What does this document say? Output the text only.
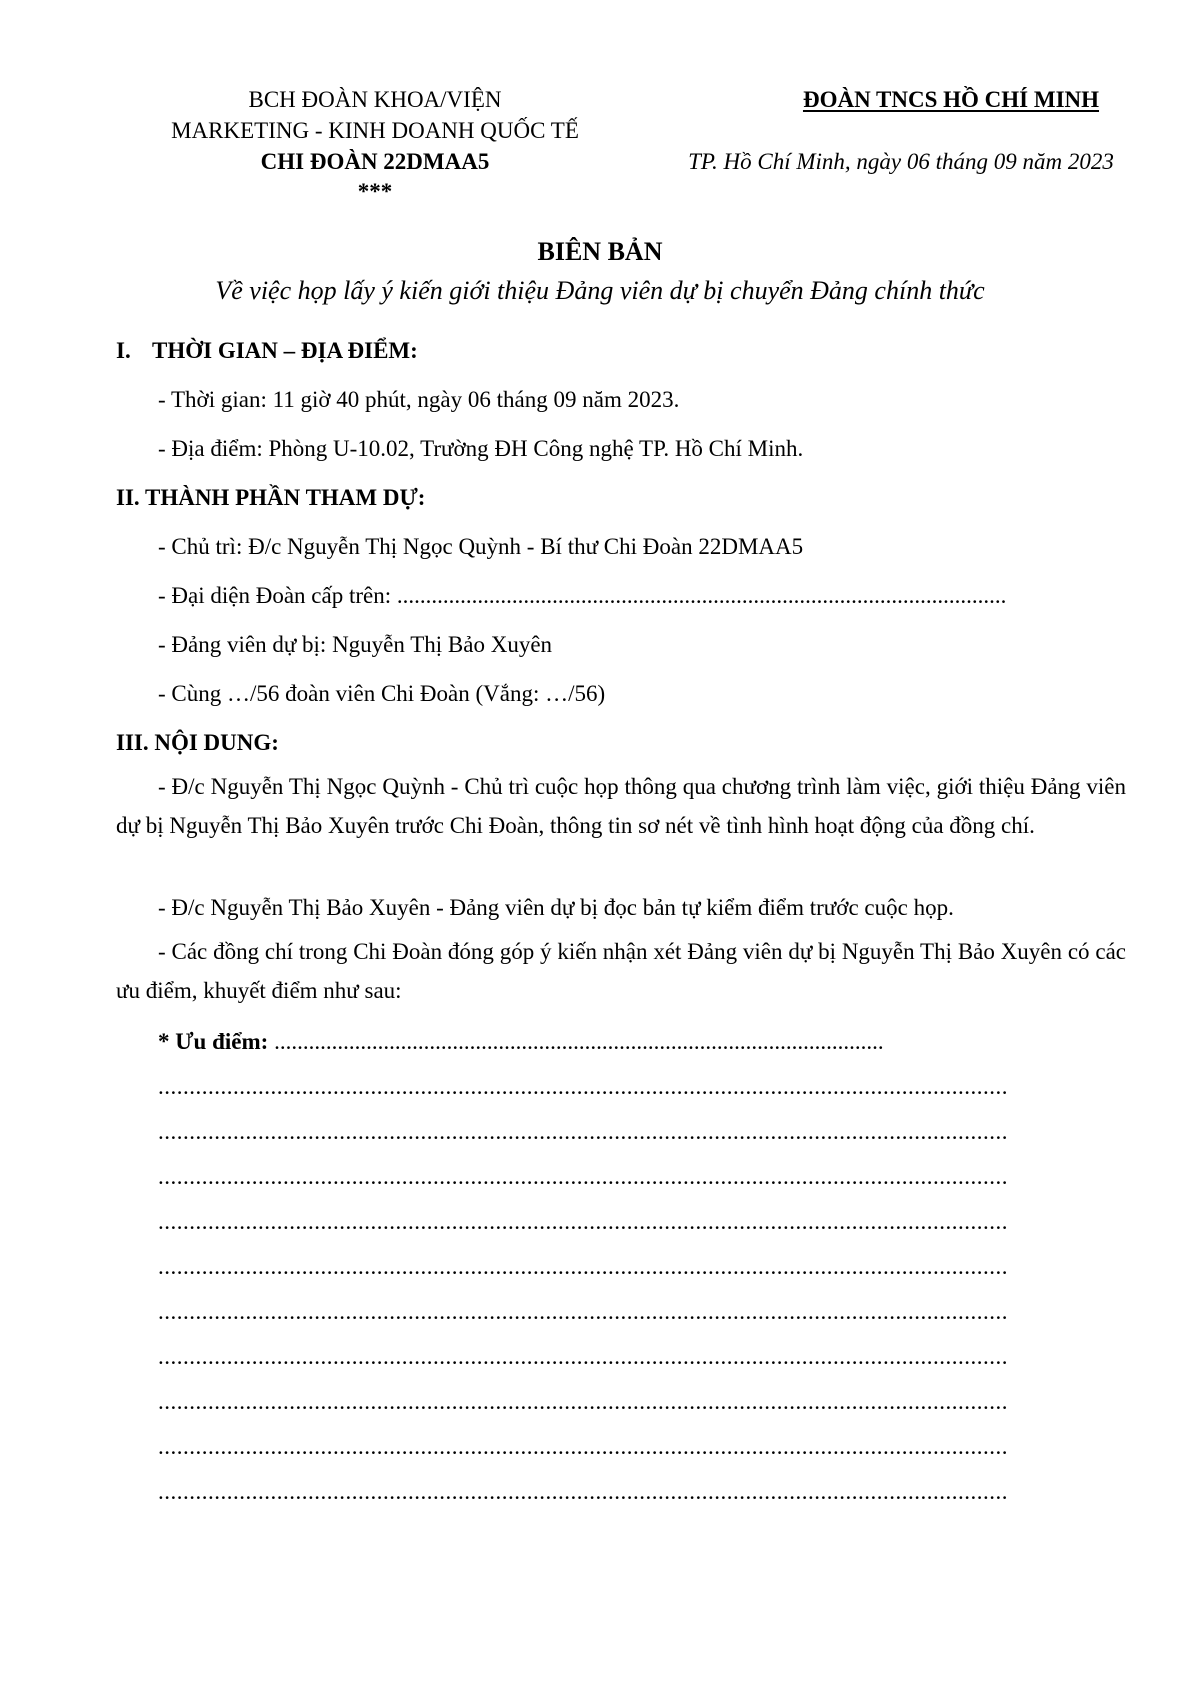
BCH ĐOÀN KHOA/VIỆN
MARKETING - KINH DOANH QUỐC TẾ
CHI ĐOÀN 22DMAA5
***
ĐOÀN TNCS HỒ CHÍ MINH
TP. Hồ Chí Minh, ngày 06 tháng 09 năm 2023
BIÊN BẢN
Về việc họp lấy ý kiến giới thiệu Đảng viên dự bị chuyển Đảng chính thức
I. THỜI GIAN – ĐỊA ĐIỂM:
- Thời gian: 11 giờ 40 phút, ngày 06 tháng 09 năm 2023.
- Địa điểm: Phòng U-10.02, Trường ĐH Công nghệ TP. Hồ Chí Minh.
II. THÀNH PHẦN THAM DỰ:
- Chủ trì: Đ/c Nguyễn Thị Ngọc Quỳnh - Bí thư Chi Đoàn 22DMAA5
- Đại diện Đoàn cấp trên: ..........................................................................................................
- Đảng viên dự bị: Nguyễn Thị Bảo Xuyên
- Cùng …/56 đoàn viên Chi Đoàn (Vắng: …/56)
III. NỘI DUNG:
- Đ/c Nguyễn Thị Ngọc Quỳnh - Chủ trì cuộc họp thông qua chương trình làm việc, giới thiệu Đảng viên dự bị Nguyễn Thị Bảo Xuyên trước Chi Đoàn, thông tin sơ nét về tình hình hoạt động của đồng chí.
- Đ/c Nguyễn Thị Bảo Xuyên - Đảng viên dự bị đọc bản tự kiểm điểm trước cuộc họp.
- Các đồng chí trong Chi Đoàn đóng góp ý kiến nhận xét Đảng viên dự bị Nguyễn Thị Bảo Xuyên có các ưu điểm, khuyết điểm như sau:
* Ưu điểm: ..........................................................................................................
........................................................................................................................................
........................................................................................................................................
........................................................................................................................................
........................................................................................................................................
........................................................................................................................................
........................................................................................................................................
........................................................................................................................................
........................................................................................................................................
........................................................................................................................................
........................................................................................................................................
